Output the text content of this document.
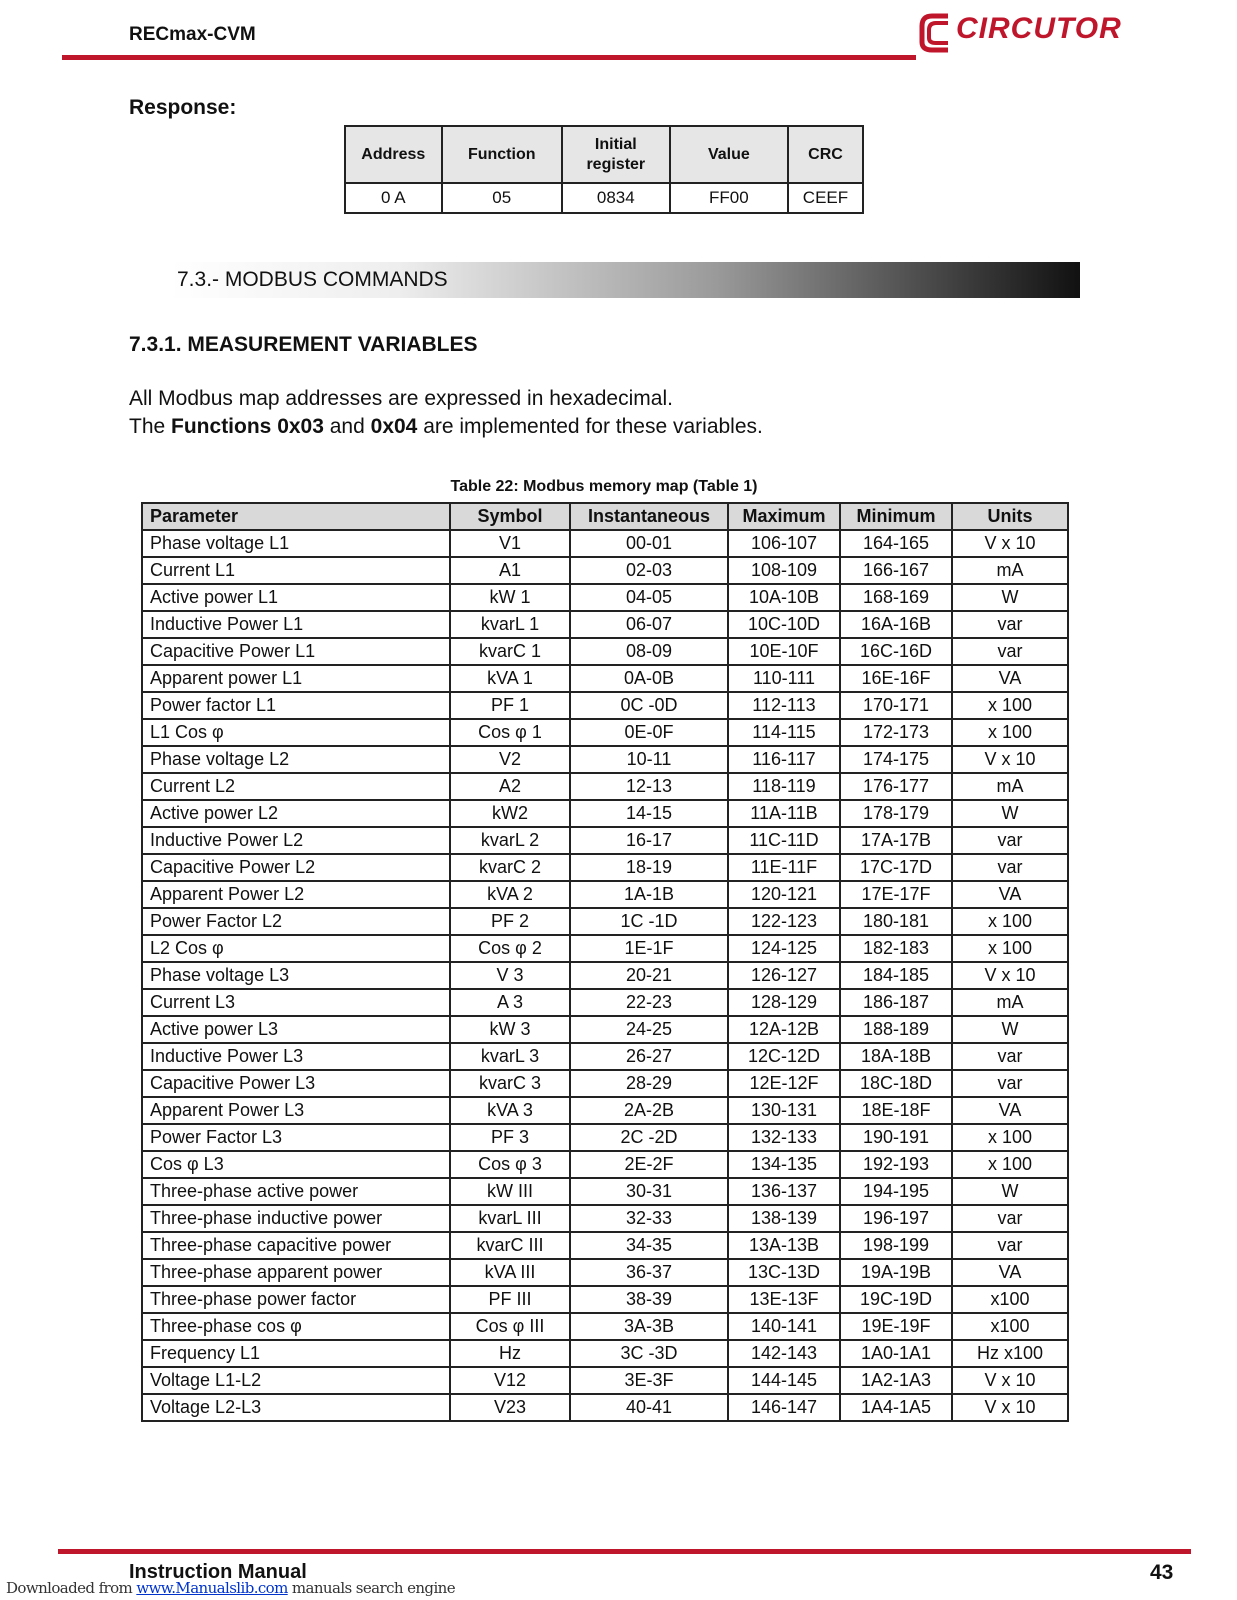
RECmax-CVM	CIRCUTOR
Response:
Address	Function	Initial register	Value	CRC
0 A	05	0834	FF00	CEEF
7.3.- MODBUS COMMANDS
7.3.1. MEASUREMENT VARIABLES
All Modbus map addresses are expressed in hexadecimal.
The Functions 0x03 and 0x04 are implemented for these variables.
Table 22: Modbus memory map (Table 1)
Parameter	Symbol	Instantaneous	Maximum	Minimum	Units
Phase voltage L1	V1	00-01	106-107	164-165	V x 10
Current L1	A1	02-03	108-109	166-167	mA
Active power L1	kW 1	04-05	10A-10B	168-169	W
Inductive Power L1	kvarL 1	06-07	10C-10D	16A-16B	var
Capacitive Power L1	kvarC 1	08-09	10E-10F	16C-16D	var
Apparent power L1	kVA 1	0A-0B	110-111	16E-16F	VA
Power factor L1	PF 1	0C -0D	112-113	170-171	x 100
L1 Cos φ	Cos φ 1	0E-0F	114-115	172-173	x 100
Phase voltage L2	V2	10-11	116-117	174-175	V x 10
Current L2	A2	12-13	118-119	176-177	mA
Active power L2	kW2	14-15	11A-11B	178-179	W
Inductive Power L2	kvarL 2	16-17	11C-11D	17A-17B	var
Capacitive Power L2	kvarC 2	18-19	11E-11F	17C-17D	var
Apparent Power L2	kVA 2	1A-1B	120-121	17E-17F	VA
Power Factor L2	PF 2	1C -1D	122-123	180-181	x 100
L2 Cos φ	Cos φ 2	1E-1F	124-125	182-183	x 100
Phase voltage L3	V 3	20-21	126-127	184-185	V x 10
Current L3	A 3	22-23	128-129	186-187	mA
Active power L3	kW 3	24-25	12A-12B	188-189	W
Inductive Power L3	kvarL 3	26-27	12C-12D	18A-18B	var
Capacitive Power L3	kvarC 3	28-29	12E-12F	18C-18D	var
Apparent Power L3	kVA 3	2A-2B	130-131	18E-18F	VA
Power Factor L3	PF 3	2C -2D	132-133	190-191	x 100
Cos φ L3	Cos φ 3	2E-2F	134-135	192-193	x 100
Three-phase active power	kW III	30-31	136-137	194-195	W
Three-phase inductive power	kvarL III	32-33	138-139	196-197	var
Three-phase capacitive power	kvarC III	34-35	13A-13B	198-199	var
Three-phase apparent power	kVA III	36-37	13C-13D	19A-19B	VA
Three-phase power factor	PF III	38-39	13E-13F	19C-19D	x100
Three-phase cos φ	Cos φ III	3A-3B	140-141	19E-19F	x100
Frequency L1	Hz	3C -3D	142-143	1A0-1A1	Hz x100
Voltage L1-L2	V12	3E-3F	144-145	1A2-1A3	V x 10
Voltage L2-L3	V23	40-41	146-147	1A4-1A5	V x 10
Instruction Manual	43
Downloaded from www.Manualslib.com manuals search engine
